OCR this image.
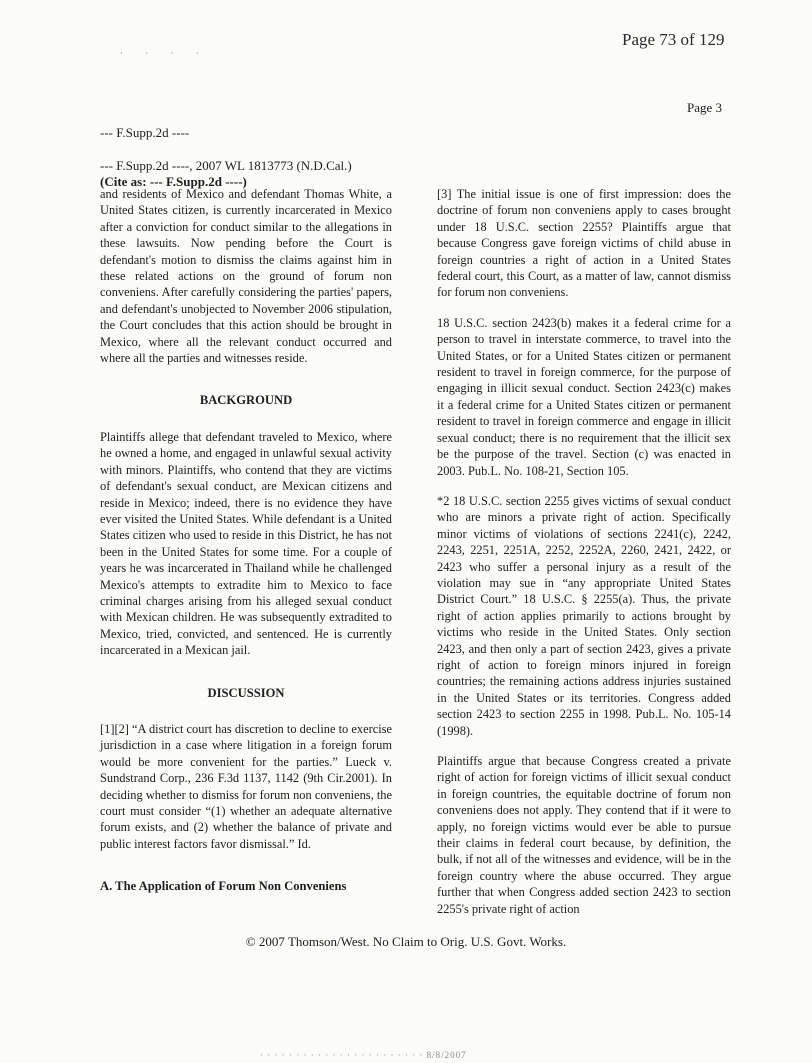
Page 73 of 129
· · · ·
Page 3
--- F.Supp.2d ----
--- F.Supp.2d ----, 2007 WL 1813773 (N.D.Cal.)
(Cite as: --- F.Supp.2d ----)

and residents of Mexico and defendant Thomas White, a United States citizen, is currently incarcerated in Mexico after a conviction for conduct similar to the allegations in these lawsuits. Now pending before the Court is defendant's motion to dismiss the claims against him in these related actions on the ground of forum non conveniens. After carefully considering the parties' papers, and defendant's unobjected to November 2006 stipulation, the Court concludes that this action should be brought in Mexico, where all the relevant conduct occurred and where all the parties and witnesses reside.

BACKGROUND

Plaintiffs allege that defendant traveled to Mexico, where he owned a home, and engaged in unlawful sexual activity with minors. Plaintiffs, who contend that they are victims of defendant's sexual conduct, are Mexican citizens and reside in Mexico; indeed, there is no evidence they have ever visited the United States. While defendant is a United States citizen who used to reside in this District, he has not been in the United States for some time. For a couple of years he was incarcerated in Thailand while he challenged Mexico's attempts to extradite him to Mexico to face criminal charges arising from his alleged sexual conduct with Mexican children. He was subsequently extradited to Mexico, tried, convicted, and sentenced. He is currently incarcerated in a Mexican jail.

DISCUSSION

[1][2] “A district court has discretion to decline to exercise jurisdiction in a case where litigation in a foreign forum would be more convenient for the parties.” Lueck v. Sundstrand Corp., 236 F.3d 1137, 1142 (9th Cir.2001). In deciding whether to dismiss for forum non conveniens, the court must consider “(1) whether an adequate alternative forum exists, and (2) whether the balance of private and public interest factors favor dismissal.” Id.

A. The Application of Forum Non Conveniens

[3] The initial issue is one of first impression: does the doctrine of forum non conveniens apply to cases brought under 18 U.S.C. section 2255? Plaintiffs argue that because Congress gave foreign victims of child abuse in foreign countries a right of action in a United States federal court, this Court, as a matter of law, cannot dismiss for forum non conveniens.

18 U.S.C. section 2423(b) makes it a federal crime for a person to travel in interstate commerce, to travel into the United States, or for a United States citizen or permanent resident to travel in foreign commerce, for the purpose of engaging in illicit sexual conduct. Section 2423(c) makes it a federal crime for a United States citizen or permanent resident to travel in foreign commerce and engage in illicit sexual conduct; there is no requirement that the illicit sex be the purpose of the travel. Section (c) was enacted in 2003. Pub.L. No. 108-21, Section 105.

*2 18 U.S.C. section 2255 gives victims of sexual conduct who are minors a private right of action. Specifically minor victims of violations of sections 2241(c), 2242, 2243, 2251, 2251A, 2252, 2252A, 2260, 2421, 2422, or 2423 who suffer a personal injury as a result of the violation may sue in “any appropriate United States District Court.” 18 U.S.C. § 2255(a). Thus, the private right of action applies primarily to actions brought by victims who reside in the United States. Only section 2423, and then only a part of section 2423, gives a private right of action to foreign minors injured in foreign countries; the remaining actions address injuries sustained in the United States or its territories. Congress added section 2423 to section 2255 in 1998. Pub.L. No. 105-14 (1998).

Plaintiffs argue that because Congress created a private right of action for foreign victims of illicit sexual conduct in foreign countries, the equitable doctrine of forum non conveniens does not apply. They contend that if it were to apply, no foreign victims would ever be able to pursue their claims in federal court because, by definition, the bulk, if not all of the witnesses and evidence, will be in the foreign country where the abuse occurred. They argue further that when Congress added section 2423 to section 2255's private right of action

© 2007 Thomson/West. No Claim to Orig. U.S. Govt. Works.
· · · · · · · · · · · · · · · · · · · · · · · 8/8/2007
